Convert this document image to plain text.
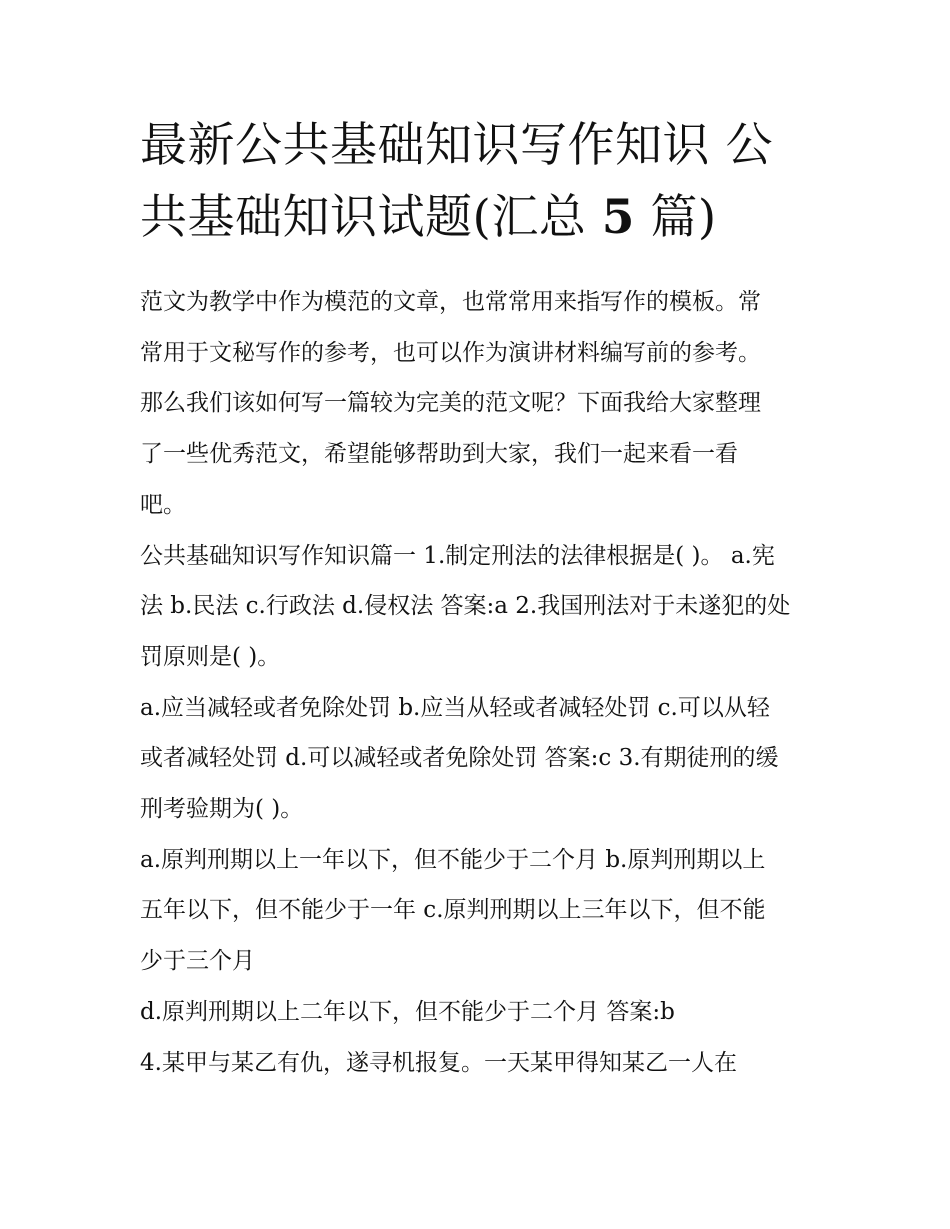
最新公共基础知识写作知识 公
共基础知识试题(汇总 5 篇)

范文为教学中作为模范的文章，也常常用来指写作的模板。常
常用于文秘写作的参考，也可以作为演讲材料编写前的参考。
那么我们该如何写一篇较为完美的范文呢？下面我给大家整理
了一些优秀范文，希望能够帮助到大家，我们一起来看一看
吧。

公共基础知识写作知识篇一 1.制定刑法的法律根据是( )。 a.宪
法 b.民法 c.行政法 d.侵权法 答案:a 2.我国刑法对于未遂犯的处
罚原则是( )。

a.应当减轻或者免除处罚 b.应当从轻或者减轻处罚 c.可以从轻
或者减轻处罚 d.可以减轻或者免除处罚 答案:c 3.有期徒刑的缓
刑考验期为( )。

a.原判刑期以上一年以下，但不能少于二个月 b.原判刑期以上
五年以下，但不能少于一年 c.原判刑期以上三年以下，但不能
少于三个月

d.原判刑期以上二年以下，但不能少于二个月 答案:b

4.某甲与某乙有仇，遂寻机报复。一天某甲得知某乙一人在
